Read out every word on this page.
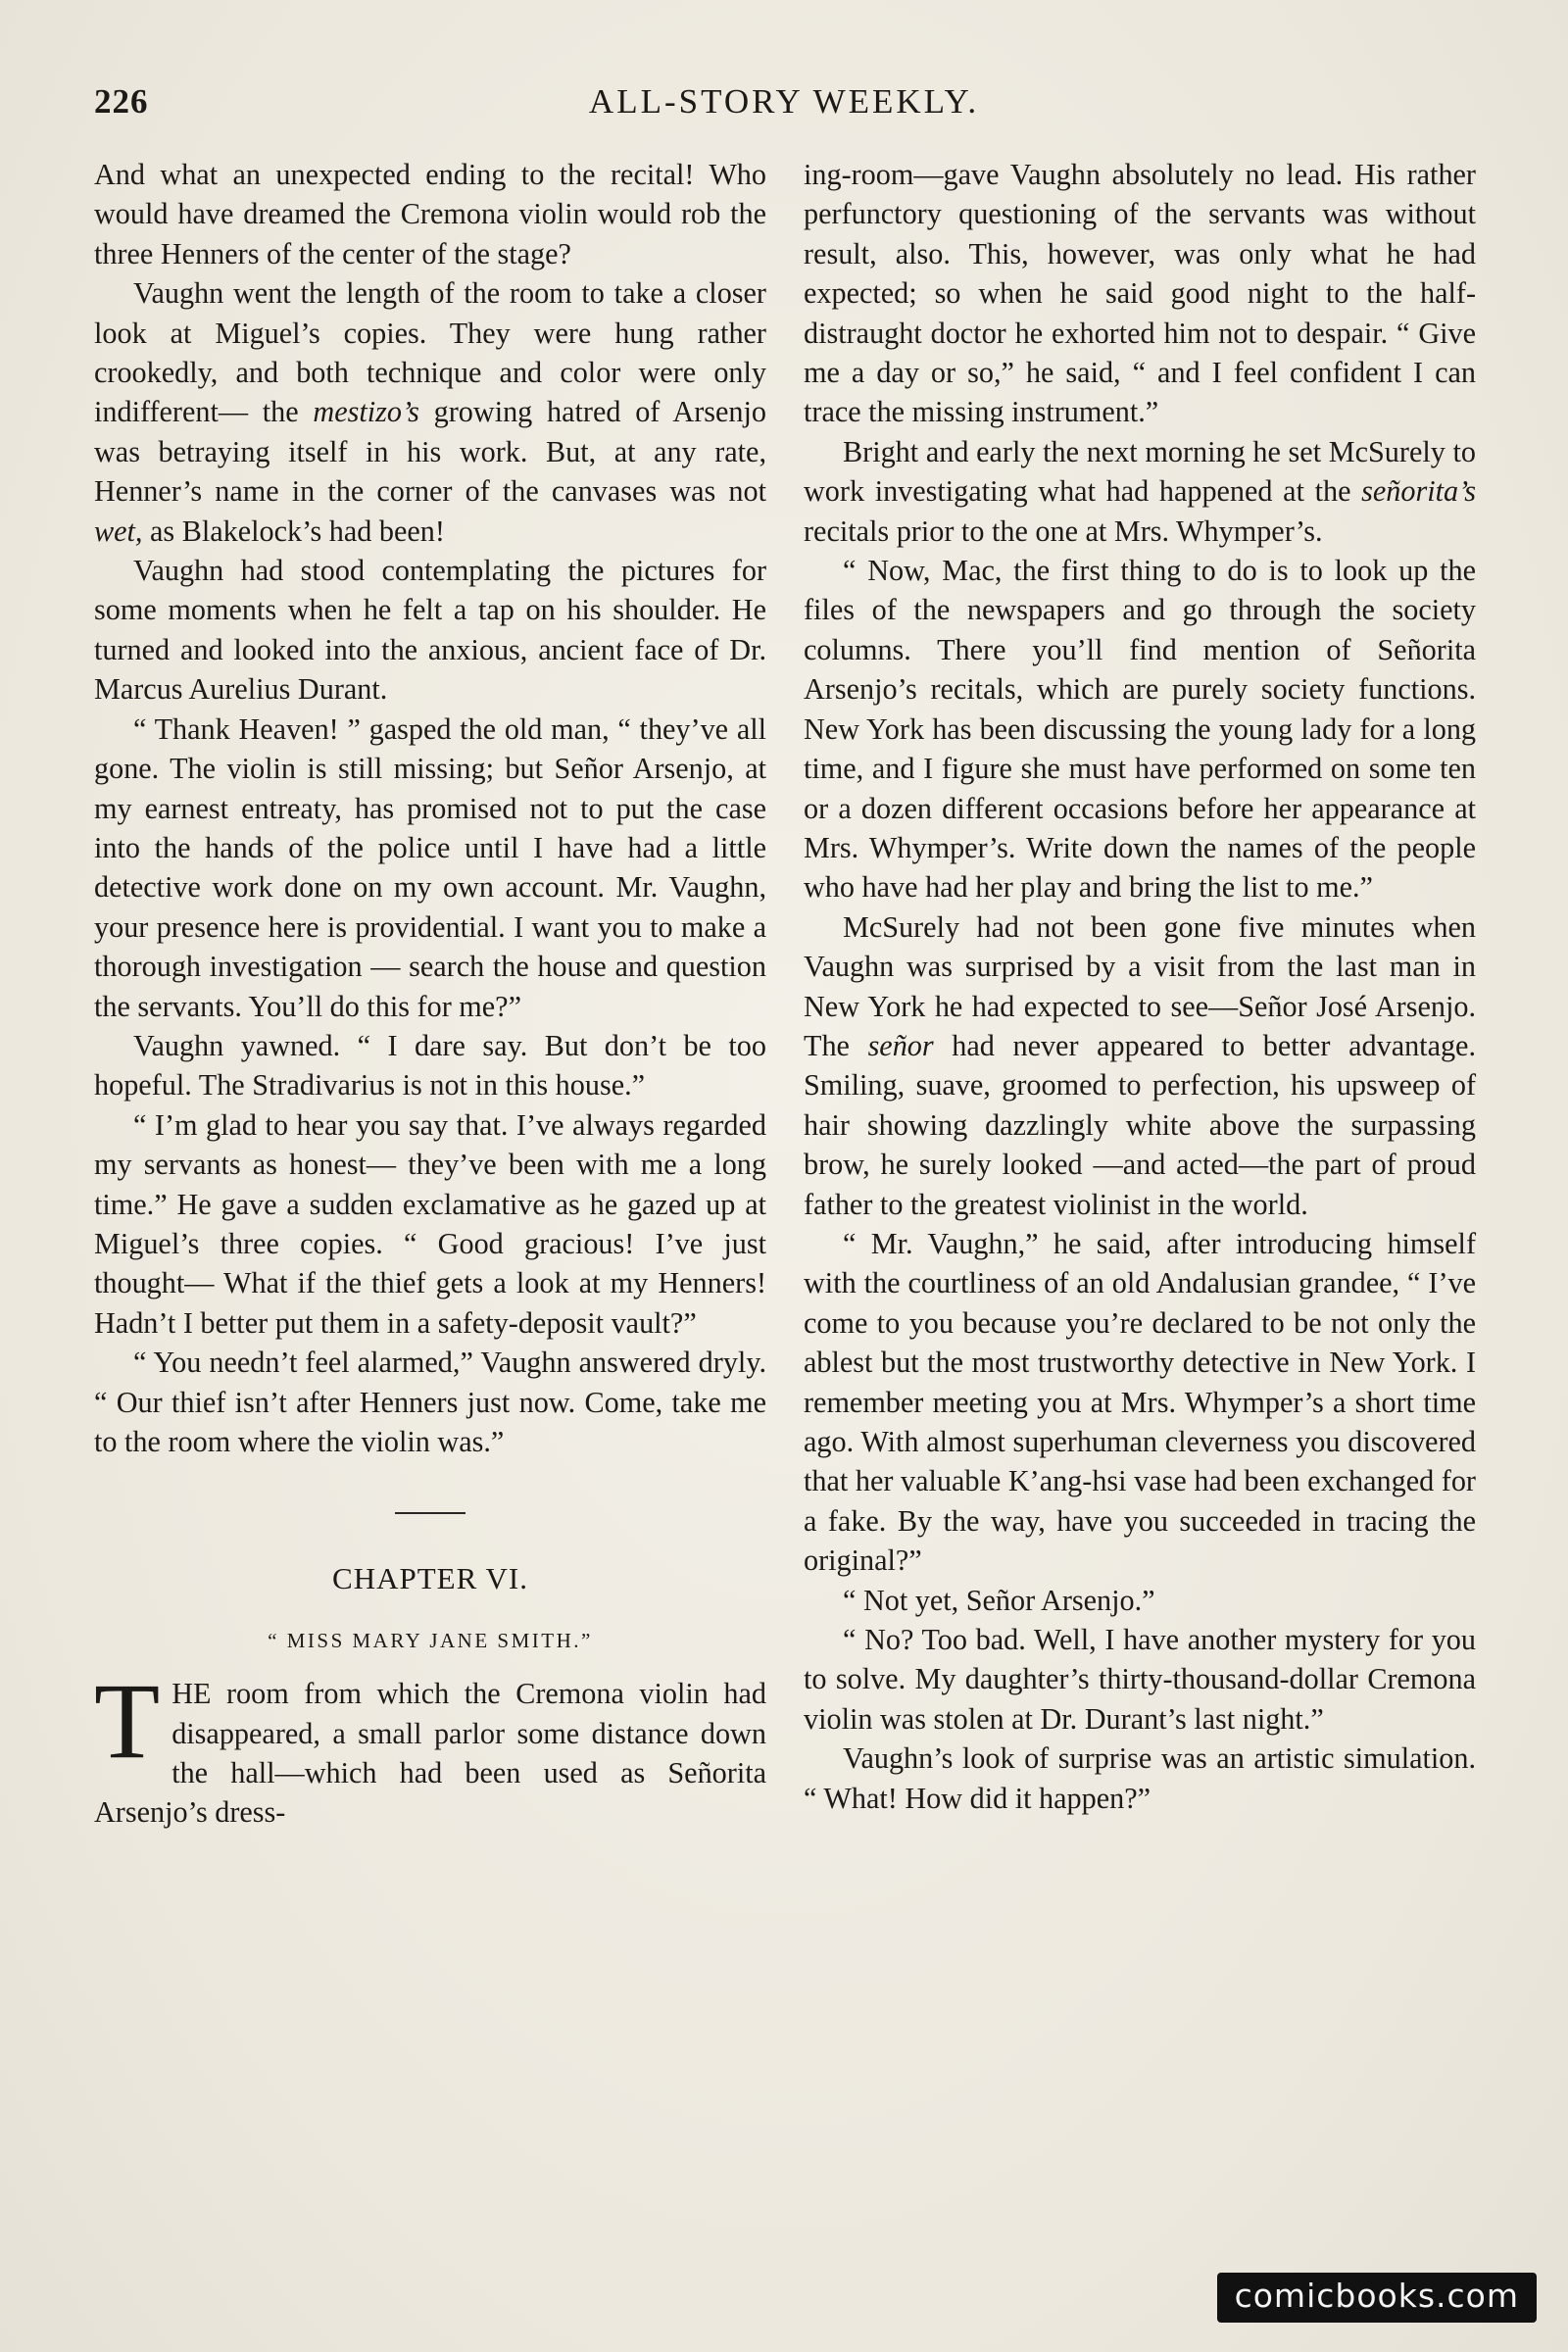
226	ALL-STORY WEEKLY.

And what an unexpected ending to the recital! Who would have dreamed the Cremona violin would rob the three Henners of the center of the stage?

Vaughn went the length of the room to take a closer look at Miguel’s copies. They were hung rather crookedly, and both technique and color were only indifferent— the mestizo’s growing hatred of Arsenjo was betraying itself in his work. But, at any rate, Henner’s name in the corner of the canvases was not wet, as Blakelock’s had been!

Vaughn had stood contemplating the pictures for some moments when he felt a tap on his shoulder. He turned and looked into the anxious, ancient face of Dr. Marcus Aurelius Durant.

“ Thank Heaven! ” gasped the old man, “ they’ve all gone. The violin is still missing; but Señor Arsenjo, at my earnest entreaty, has promised not to put the case into the hands of the police until I have had a little detective work done on my own account. Mr. Vaughn, your presence here is providential. I want you to make a thorough investigation — search the house and question the servants. You’ll do this for me?”

Vaughn yawned. “ I dare say. But don’t be too hopeful. The Stradivarius is not in this house.”

“ I’m glad to hear you say that. I’ve always regarded my servants as honest— they’ve been with me a long time.” He gave a sudden exclamative as he gazed up at Miguel’s three copies. “ Good gracious! I’ve just thought— What if the thief gets a look at my Henners! Hadn’t I better put them in a safety-deposit vault?”

“ You needn’t feel alarmed,” Vaughn answered dryly. “ Our thief isn’t after Henners just now. Come, take me to the room where the violin was.”

CHAPTER VI.
“ MISS MARY JANE SMITH.”

THE room from which the Cremona violin had disappeared, a small parlor some distance down the hall—which had been used as Señorita Arsenjo’s dress-

ing-room—gave Vaughn absolutely no lead. His rather perfunctory questioning of the servants was without result, also. This, however, was only what he had expected; so when he said good night to the half-distraught doctor he exhorted him not to despair. “ Give me a day or so,” he said, “ and I feel confident I can trace the missing instrument.”

Bright and early the next morning he set McSurely to work investigating what had happened at the señorita’s recitals prior to the one at Mrs. Whymper’s.

“ Now, Mac, the first thing to do is to look up the files of the newspapers and go through the society columns. There you’ll find mention of Señorita Arsenjo’s recitals, which are purely society functions. New York has been discussing the young lady for a long time, and I figure she must have performed on some ten or a dozen different occasions before her appearance at Mrs. Whymper’s. Write down the names of the people who have had her play and bring the list to me.”

McSurely had not been gone five minutes when Vaughn was surprised by a visit from the last man in New York he had expected to see—Señor José Arsenjo. The señor had never appeared to better advantage. Smiling, suave, groomed to perfection, his upsweep of hair showing dazzlingly white above the surpassing brow, he surely looked —and acted—the part of proud father to the greatest violinist in the world.

“ Mr. Vaughn,” he said, after introducing himself with the courtliness of an old Andalusian grandee, “ I’ve come to you because you’re declared to be not only the ablest but the most trustworthy detective in New York. I remember meeting you at Mrs. Whymper’s a short time ago. With almost superhuman cleverness you discovered that her valuable K’ang-hsi vase had been exchanged for a fake. By the way, have you succeeded in tracing the original?”

“ Not yet, Señor Arsenjo.”

“ No? Too bad. Well, I have another mystery for you to solve. My daughter’s thirty-thousand-dollar Cremona violin was stolen at Dr. Durant’s last night.”

Vaughn’s look of surprise was an artistic simulation. “ What! How did it happen?”

comicbooks.com
